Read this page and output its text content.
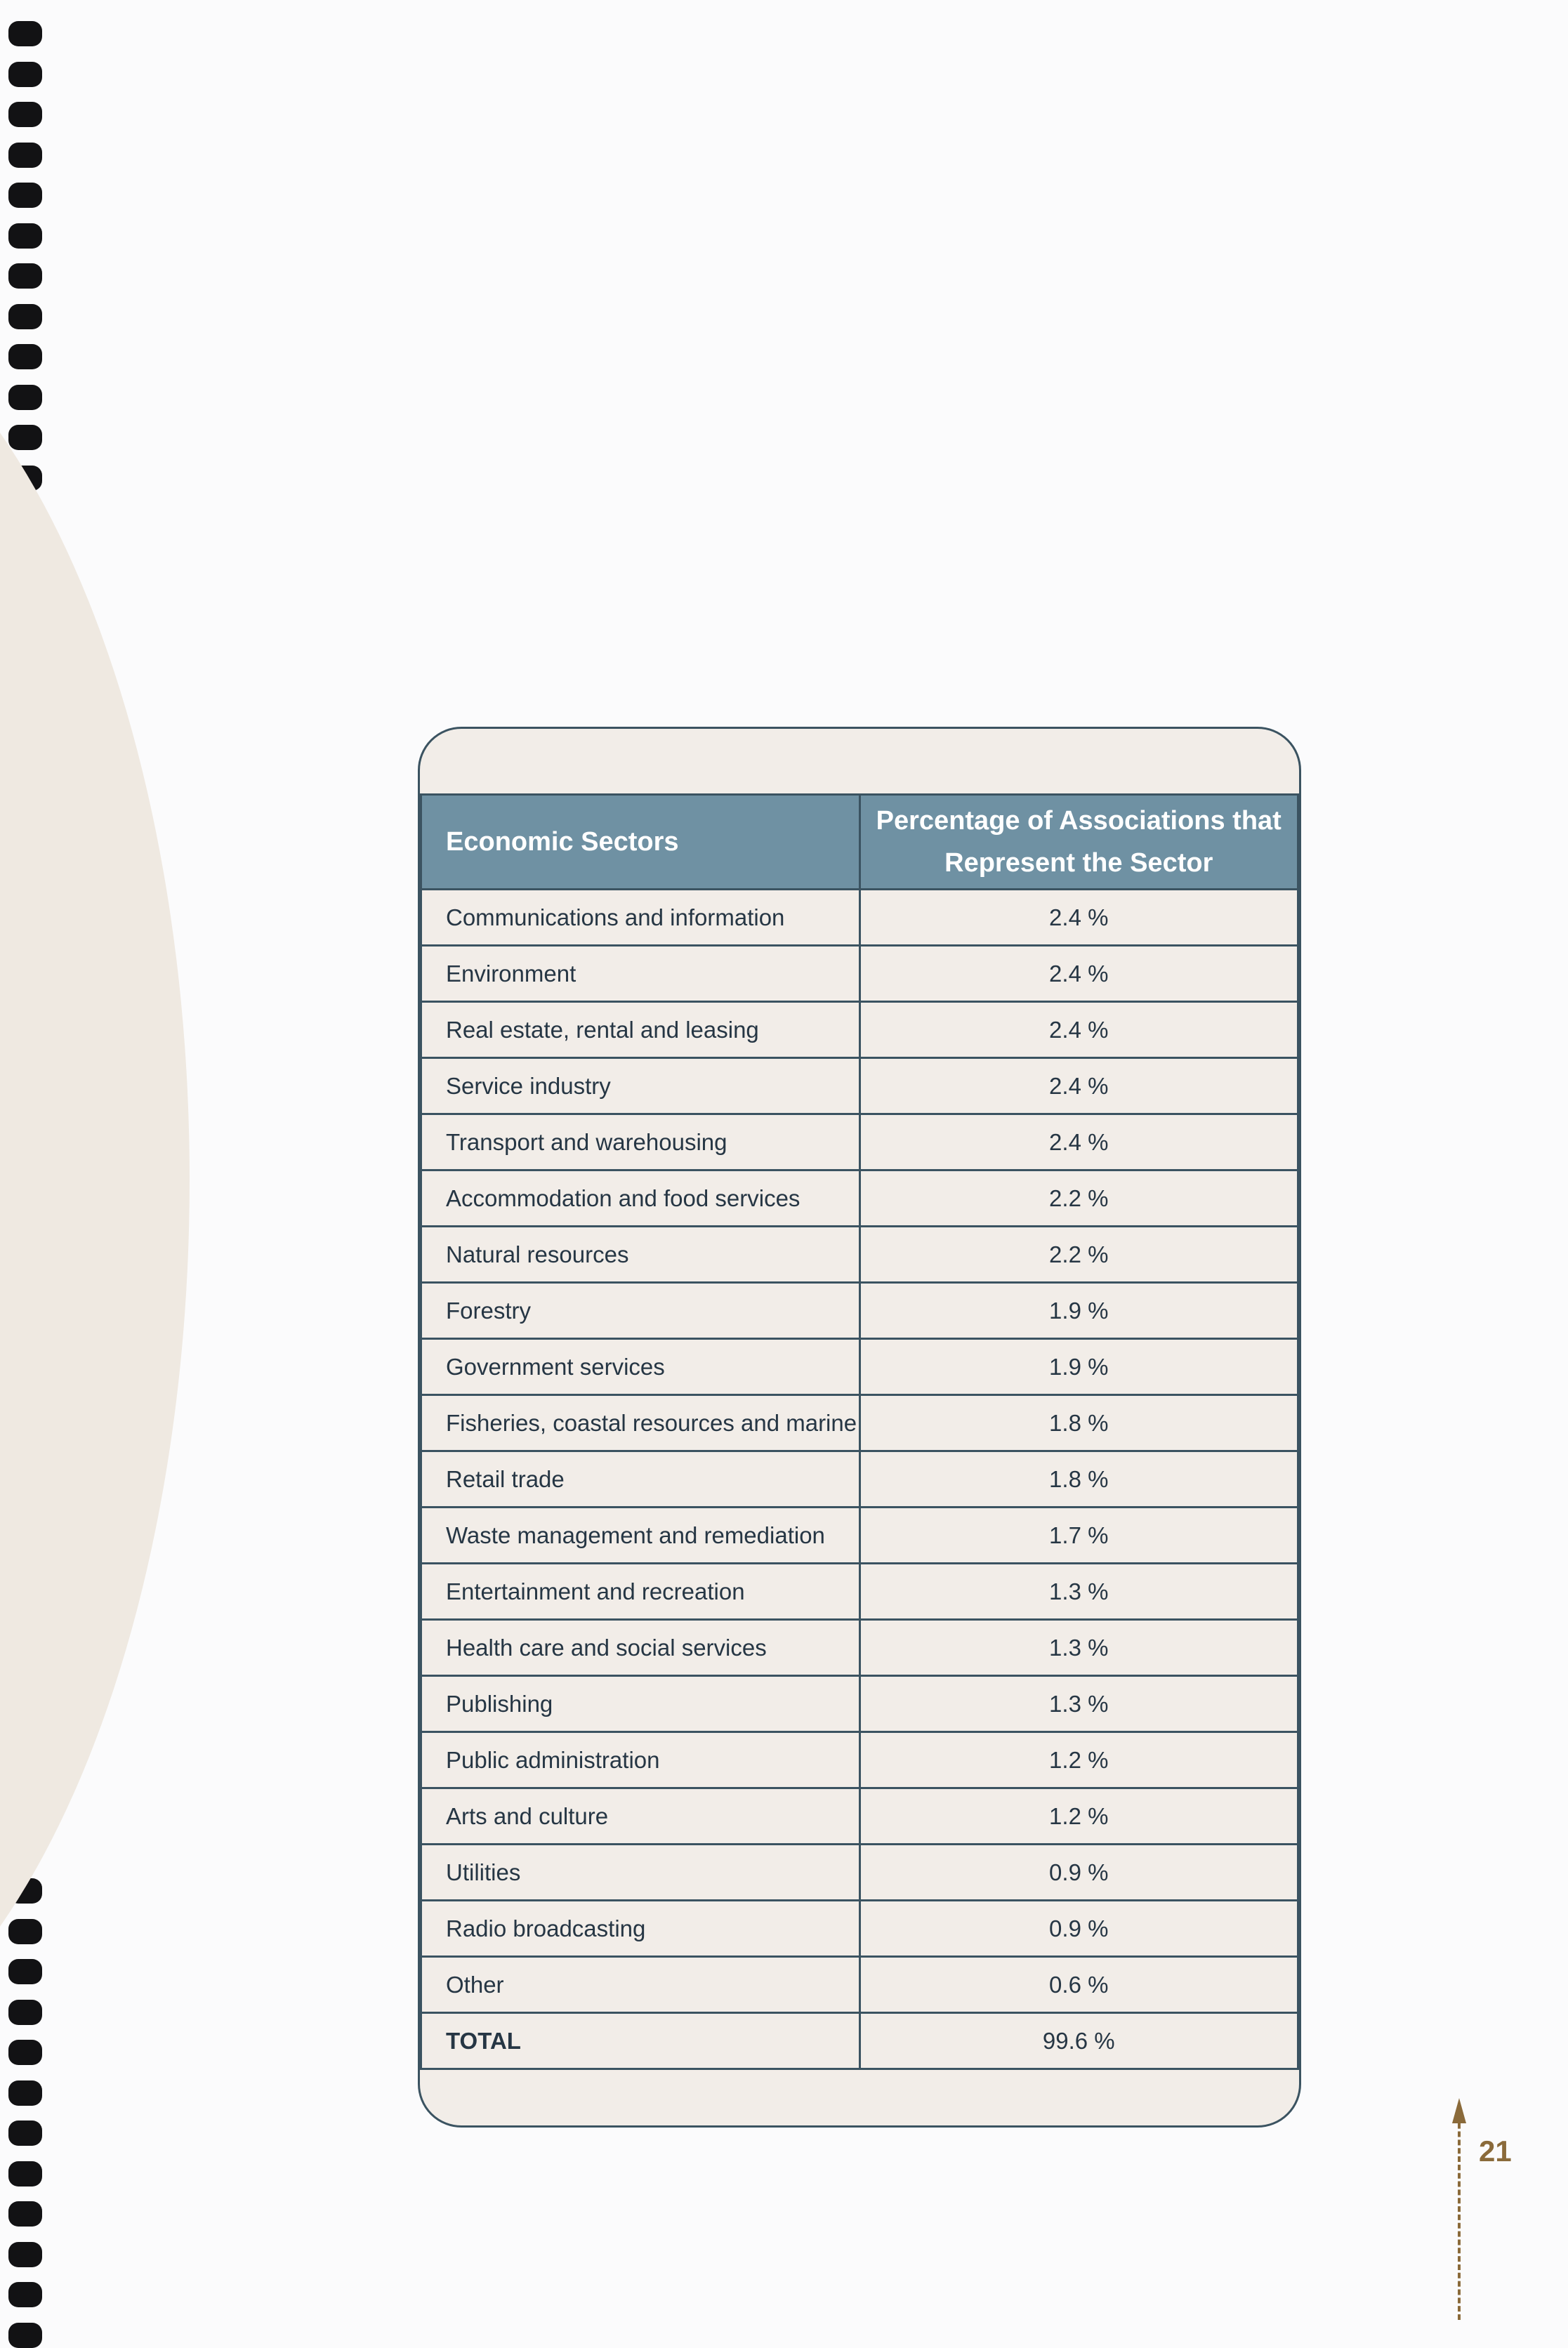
Economic Sectors	Percentage of Associations that Represent the Sector
Communications and information	2.4 %
Environment	2.4 %
Real estate, rental and leasing	2.4 %
Service industry	2.4 %
Transport and warehousing	2.4 %
Accommodation and food services	2.2 %
Natural resources	2.2 %
Forestry	1.9 %
Government services	1.9 %
Fisheries, coastal resources and marine	1.8 %
Retail trade	1.8 %
Waste management and remediation	1.7 %
Entertainment and recreation	1.3 %
Health care and social services	1.3 %
Publishing	1.3 %
Public administration	1.2 %
Arts and culture	1.2 %
Utilities	0.9 %
Radio broadcasting	0.9 %
Other	0.6 %
TOTAL	99.6 %
21
